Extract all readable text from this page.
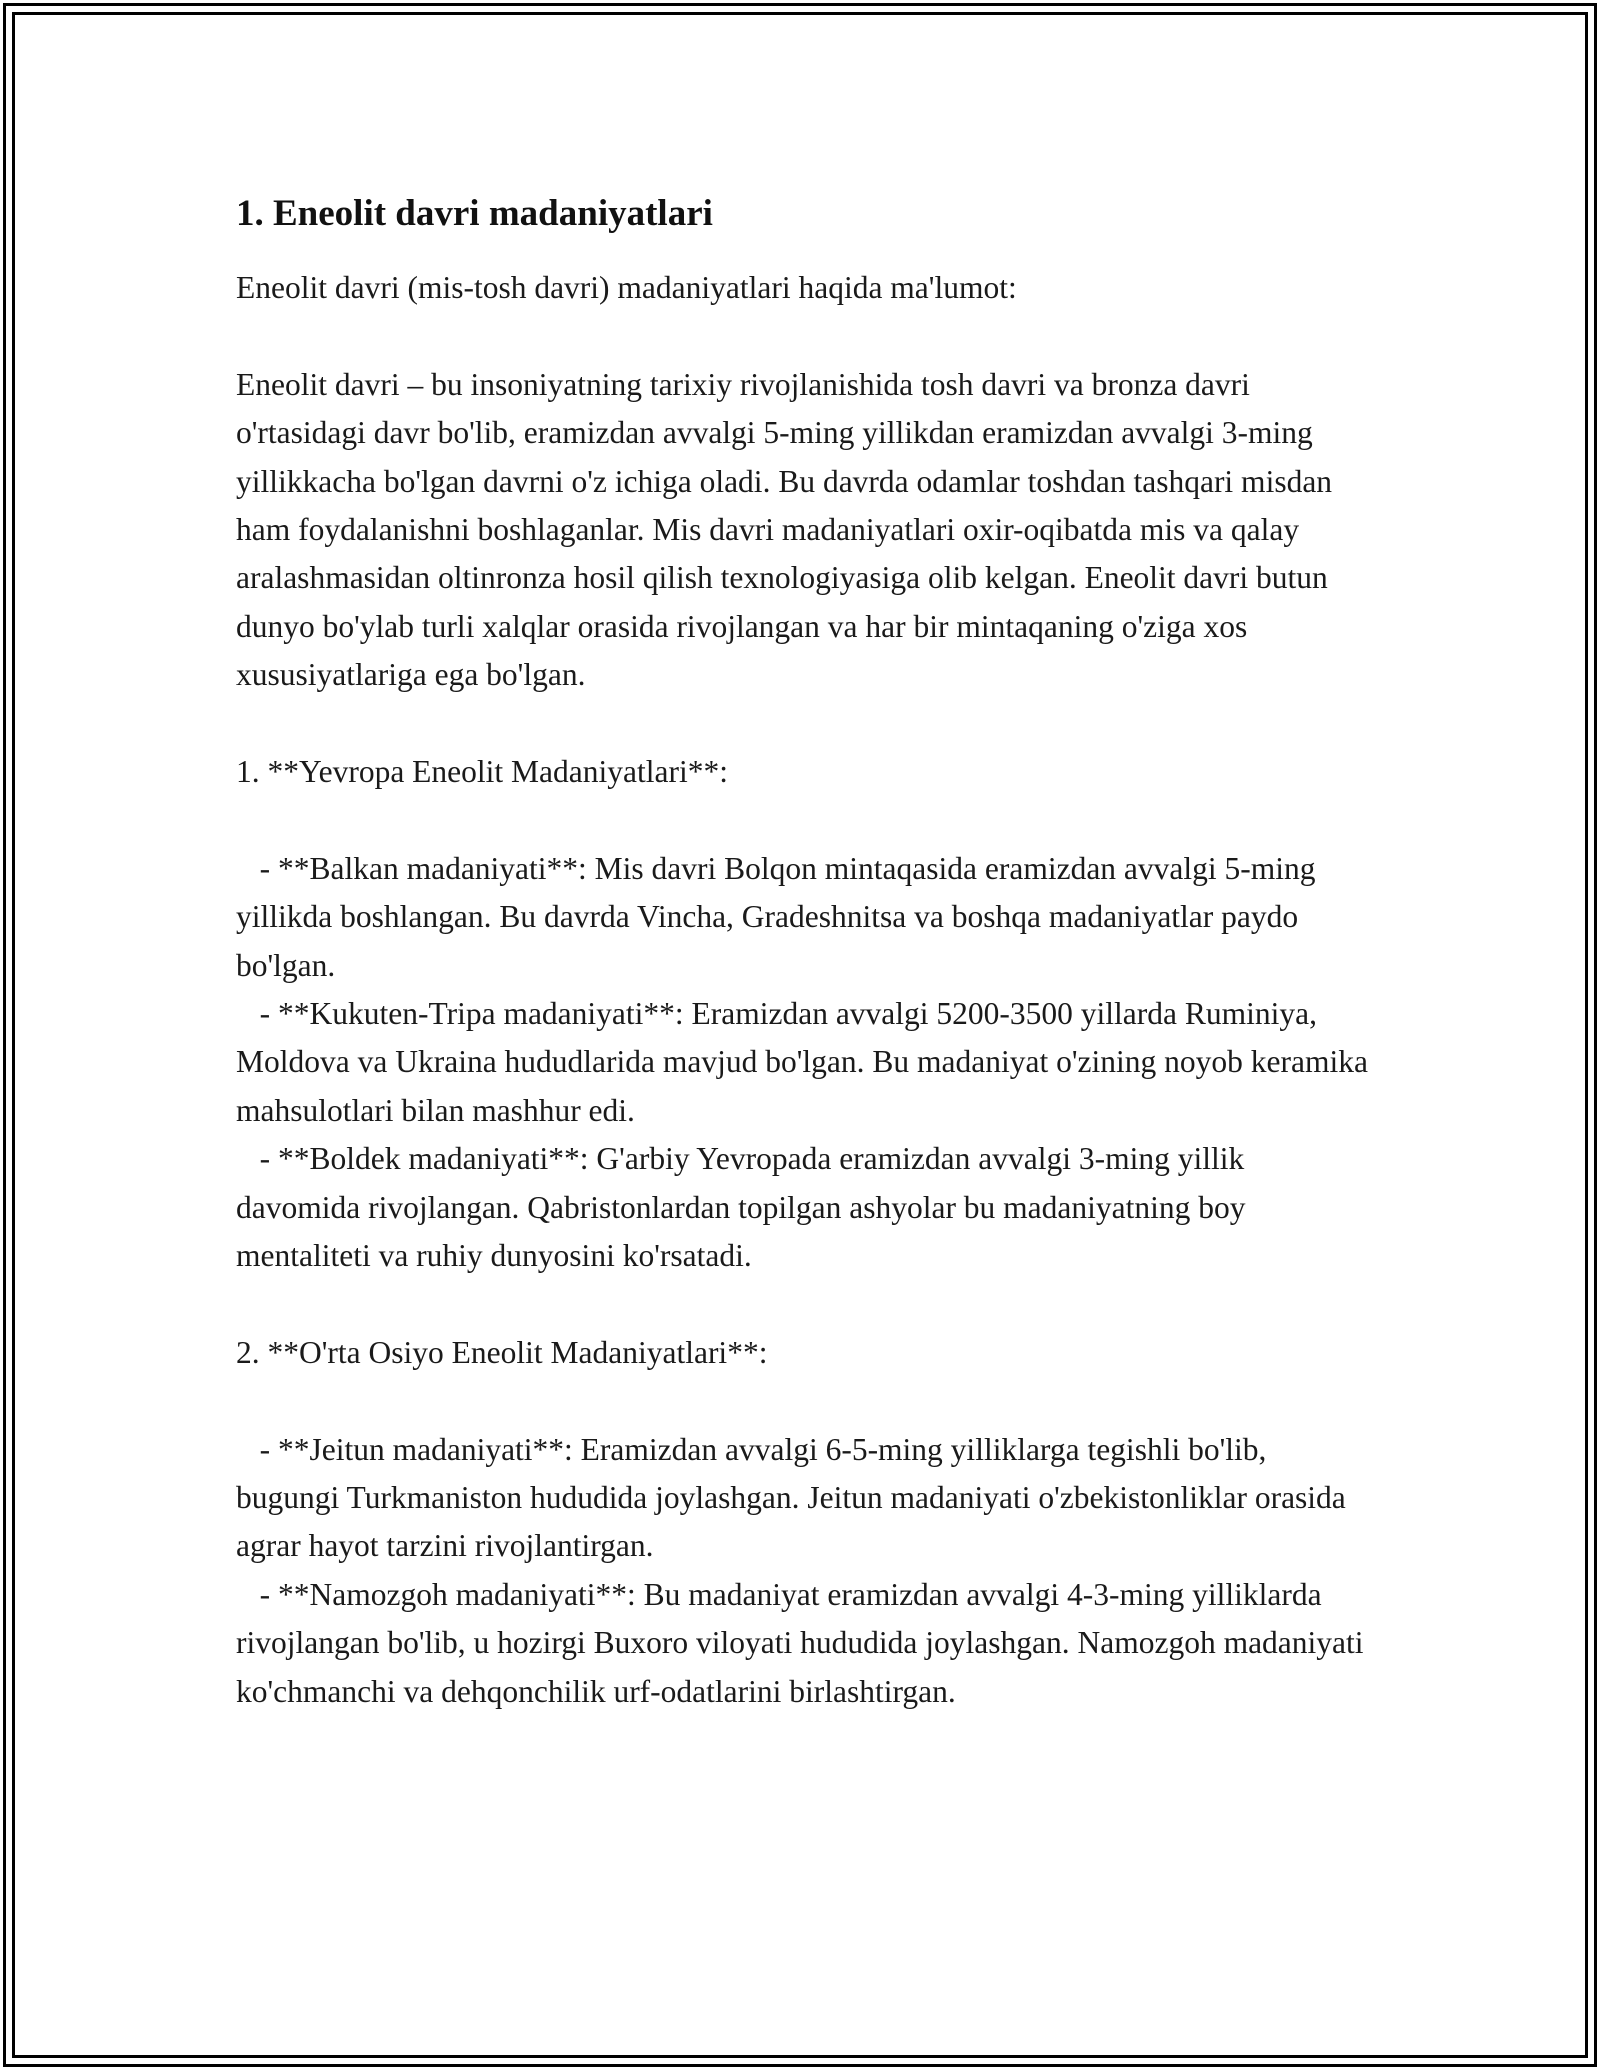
1. Eneolit davri madaniyatlari

Eneolit davri (mis-tosh davri) madaniyatlari haqida ma'lumot:

Eneolit davri – bu insoniyatning tarixiy rivojlanishida tosh davri va bronza davri o'rtasidagi davr bo'lib, eramizdan avvalgi 5-ming yillikdan eramizdan avvalgi 3-ming yillikkacha bo'lgan davrni o'z ichiga oladi. Bu davrda odamlar toshdan tashqari misdan ham foydalanishni boshlaganlar. Mis davri madaniyatlari oxir-oqibatda mis va qalay aralashmasidan oltinronza hosil qilish texnologiyasiga olib kelgan. Eneolit davri butun dunyo bo'ylab turli xalqlar orasida rivojlangan va har bir mintaqaning o'ziga xos xususiyatlariga ega bo'lgan.

1. **Yevropa Eneolit Madaniyatlari**:

- **Balkan madaniyati**: Mis davri Bolqon mintaqasida eramizdan avvalgi 5-ming yillikda boshlangan. Bu davrda Vincha, Gradeshnitsa va boshqa madaniyatlar paydo bo'lgan.

- **Kukuten-Tripa madaniyati**: Eramizdan avvalgi 5200-3500 yillarda Ruminiya, Moldova va Ukraina hududlarida mavjud bo'lgan. Bu madaniyat o'zining noyob keramika mahsulotlari bilan mashhur edi.

- **Boldek madaniyati**: G'arbiy Yevropada eramizdan avvalgi 3-ming yillik davomida rivojlangan. Qabristonlardan topilgan ashyolar bu madaniyatning boy mentaliteti va ruhiy dunyosini ko'rsatadi.

2. **O'rta Osiyo Eneolit Madaniyatlari**:

- **Jeitun madaniyati**: Eramizdan avvalgi 6-5-ming yilliklarga tegishli bo'lib, bugungi Turkmaniston hududida joylashgan. Jeitun madaniyati o'zbekistonliklar orasida agrar hayot tarzini rivojlantirgan.

- **Namozgoh madaniyati**: Bu madaniyat eramizdan avvalgi 4-3-ming yilliklarda rivojlangan bo'lib, u hozirgi Buxoro viloyati hududida joylashgan. Namozgoh madaniyati ko'chmanchi va dehqonchilik urf-odatlarini birlashtirgan.
